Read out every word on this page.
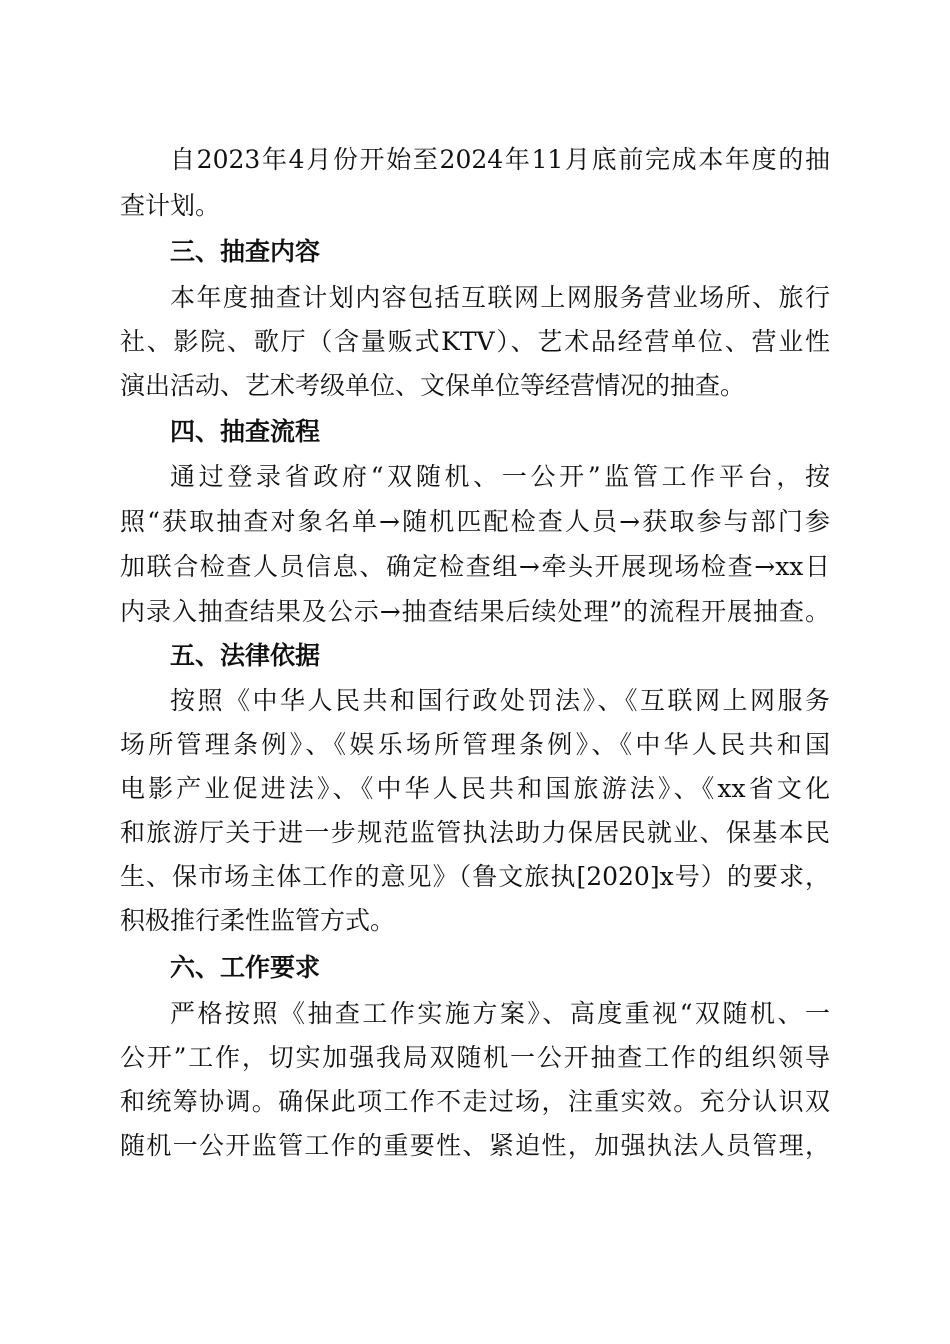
自2023年4月份开始至2024年11月底前完成本年度的抽
查计划。
三、抽查内容
本年度抽查计划内容包括互联网上网服务营业场所、旅行
社、影院、歌厅（含量贩式KTV）、艺术品经营单位、营业性
演出活动、艺术考级单位、文保单位等经营情况的抽查。
四、抽查流程
通过登录省政府“双随机、一公开”监管工作平台，按
照“获取抽查对象名单→随机匹配检查人员→获取参与部门参
加联合检查人员信息、确定检查组→牵头开展现场检查→xx日
内录入抽查结果及公示→抽查结果后续处理”的流程开展抽查。
五、法律依据
按照《中华人民共和国行政处罚法》、《互联网上网服务
场所管理条例》、《娱乐场所管理条例》、《中华人民共和国
电影产业促进法》、《中华人民共和国旅游法》、《xx省文化
和旅游厅关于进一步规范监管执法助力保居民就业、保基本民
生、保市场主体工作的意见》（鲁文旅执[2020]x号）的要求，
积极推行柔性监管方式。
六、工作要求
严格按照《抽查工作实施方案》、高度重视“双随机、一
公开”工作，切实加强我局双随机一公开抽查工作的组织领导
和统筹协调。确保此项工作不走过场，注重实效。充分认识双
随机一公开监管工作的重要性、紧迫性，加强执法人员管理，
